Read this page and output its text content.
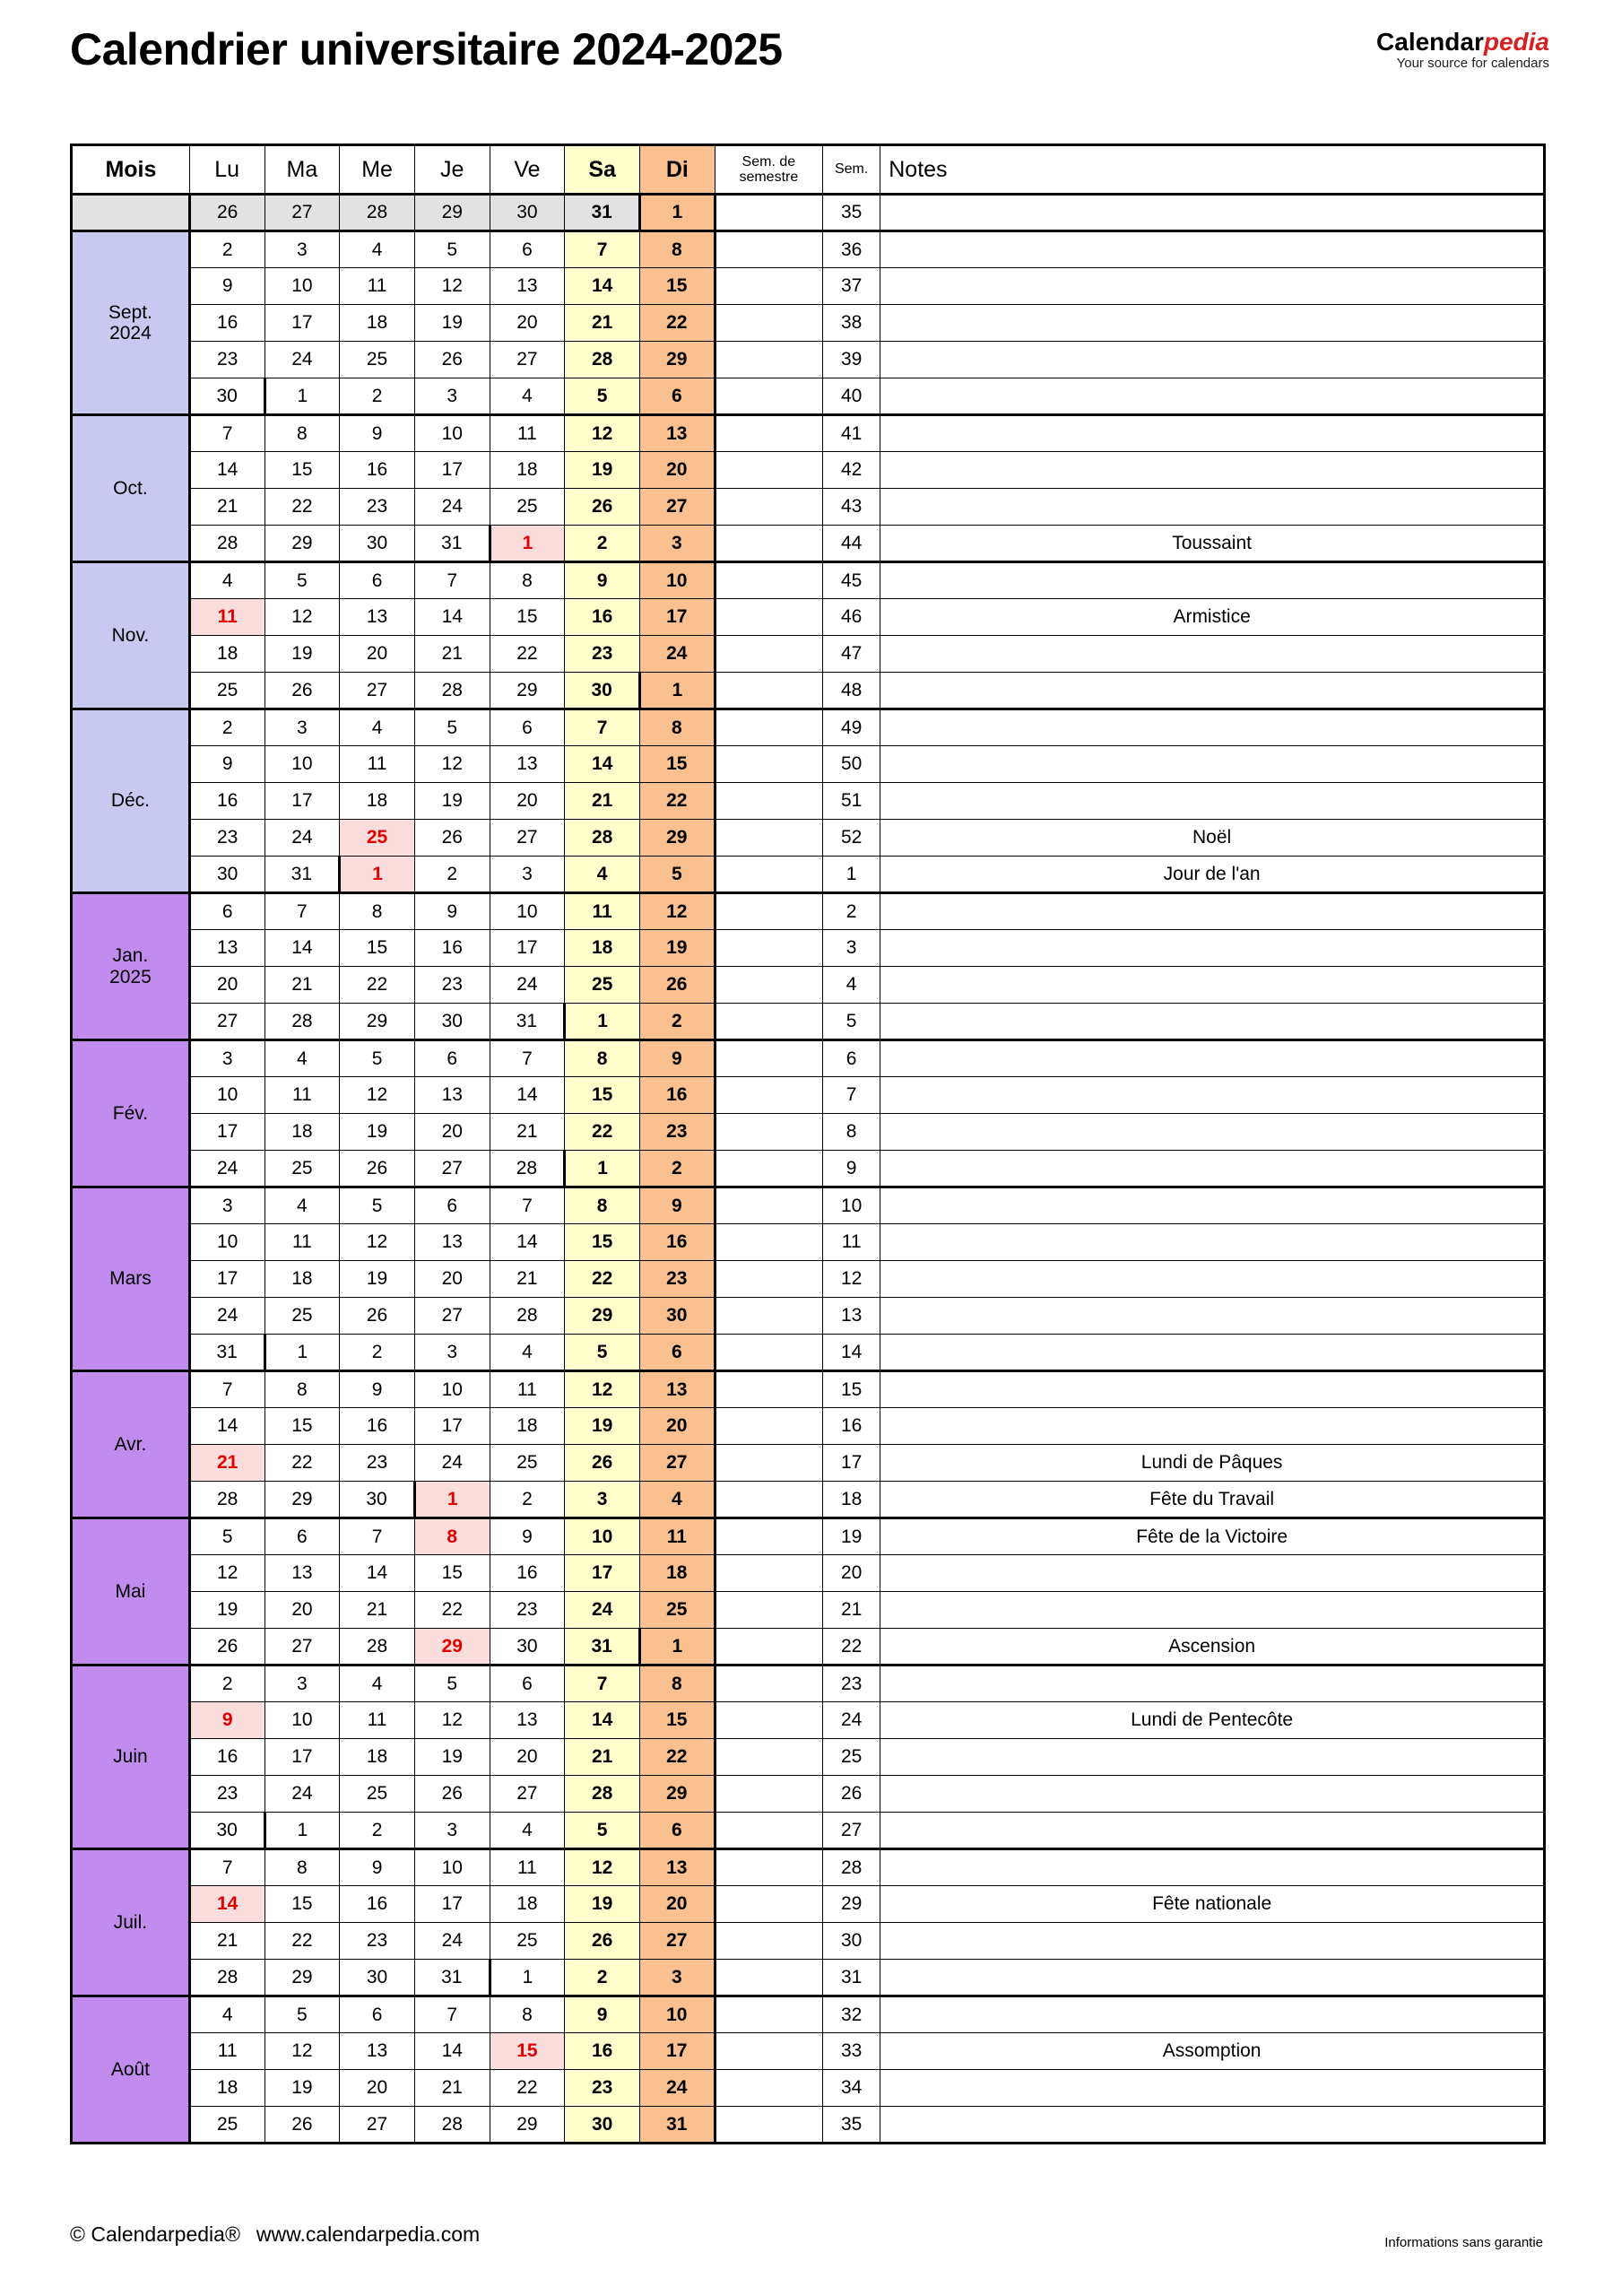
Calendrier universitaire 2024-2025	Calendarpedia
Your source for calendars
Mois	Lu	Ma	Me	Je	Ve	Sa	Di	Sem. de
semestre	Sem.	Notes
	26	27	28	29	30	31	1		35	
Sept.
2024	2	3	4	5	6	7	8		36	
	9	10	11	12	13	14	15		37	
	16	17	18	19	20	21	22		38	
	23	24	25	26	27	28	29		39	
	30	1	2	3	4	5	6		40	
Oct.	7	8	9	10	11	12	13		41	
	14	15	16	17	18	19	20		42	
	21	22	23	24	25	26	27		43	
	28	29	30	31	1	2	3		44	Toussaint
Nov.	4	5	6	7	8	9	10		45	
	11	12	13	14	15	16	17		46	Armistice
	18	19	20	21	22	23	24		47	
	25	26	27	28	29	30	1		48	
Déc.	2	3	4	5	6	7	8		49	
	9	10	11	12	13	14	15		50	
	16	17	18	19	20	21	22		51	
	23	24	25	26	27	28	29		52	Noël
	30	31	1	2	3	4	5		1	Jour de l'an
Jan.
2025	6	7	8	9	10	11	12		2	
	13	14	15	16	17	18	19		3	
	20	21	22	23	24	25	26		4	
	27	28	29	30	31	1	2		5	
Fév.	3	4	5	6	7	8	9		6	
	10	11	12	13	14	15	16		7	
	17	18	19	20	21	22	23		8	
	24	25	26	27	28	1	2		9	
Mars	3	4	5	6	7	8	9		10	
	10	11	12	13	14	15	16		11	
	17	18	19	20	21	22	23		12	
	24	25	26	27	28	29	30		13	
	31	1	2	3	4	5	6		14	
Avr.	7	8	9	10	11	12	13		15	
	14	15	16	17	18	19	20		16	
	21	22	23	24	25	26	27		17	Lundi de Pâques
	28	29	30	1	2	3	4		18	Fête du Travail
Mai	5	6	7	8	9	10	11		19	Fête de la Victoire
	12	13	14	15	16	17	18		20	
	19	20	21	22	23	24	25		21	
	26	27	28	29	30	31	1		22	Ascension
Juin	2	3	4	5	6	7	8		23	
	9	10	11	12	13	14	15		24	Lundi de Pentecôte
	16	17	18	19	20	21	22		25	
	23	24	25	26	27	28	29		26	
	30	1	2	3	4	5	6		27	
Juil.	7	8	9	10	11	12	13		28	
	14	15	16	17	18	19	20		29	Fête nationale
	21	22	23	24	25	26	27		30	
	28	29	30	31	1	2	3		31	
Août	4	5	6	7	8	9	10		32	
	11	12	13	14	15	16	17		33	Assomption
	18	19	20	21	22	23	24		34	
	25	26	27	28	29	30	31		35	
© Calendarpedia® www.calendarpedia.com	Informations sans garantie
